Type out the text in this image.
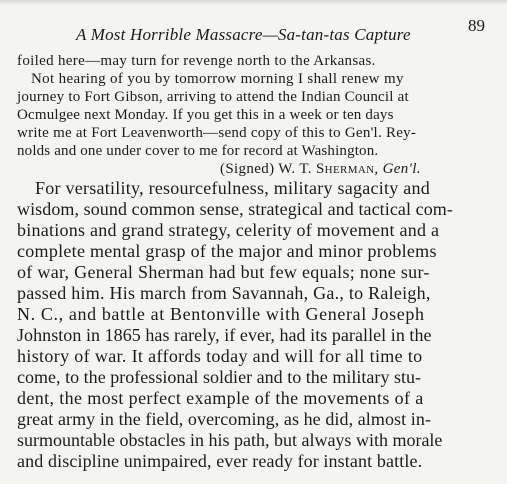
A Most Horrible Massacre—Sa-tan-tas Capture	89
foiled here—may turn for revenge north to the Arkansas.
Not hearing of you by tomorrow morning I shall renew my
journey to Fort Gibson, arriving to attend the Indian Council at
Ocmulgee next Monday. If you get this in a week or ten days
write me at Fort Leavenworth—send copy of this to Gen'l. Rey-
nolds and one under cover to me for record at Washington.
(Signed) W. T. Sherman, Gen'l.
For versatility, resourcefulness, military sagacity and
wisdom, sound common sense, strategical and tactical com-
binations and grand strategy, celerity of movement and a
complete mental grasp of the major and minor problems
of war, General Sherman had but few equals; none sur-
passed him. His march from Savannah, Ga., to Raleigh,
N. C., and battle at Bentonville with General Joseph
Johnston in 1865 has rarely, if ever, had its parallel in the
history of war. It affords today and will for all time to
come, to the professional soldier and to the military stu-
dent, the most perfect example of the movements of a
great army in the field, overcoming, as he did, almost in-
surmountable obstacles in his path, but always with morale
and discipline unimpaired, ever ready for instant battle.
